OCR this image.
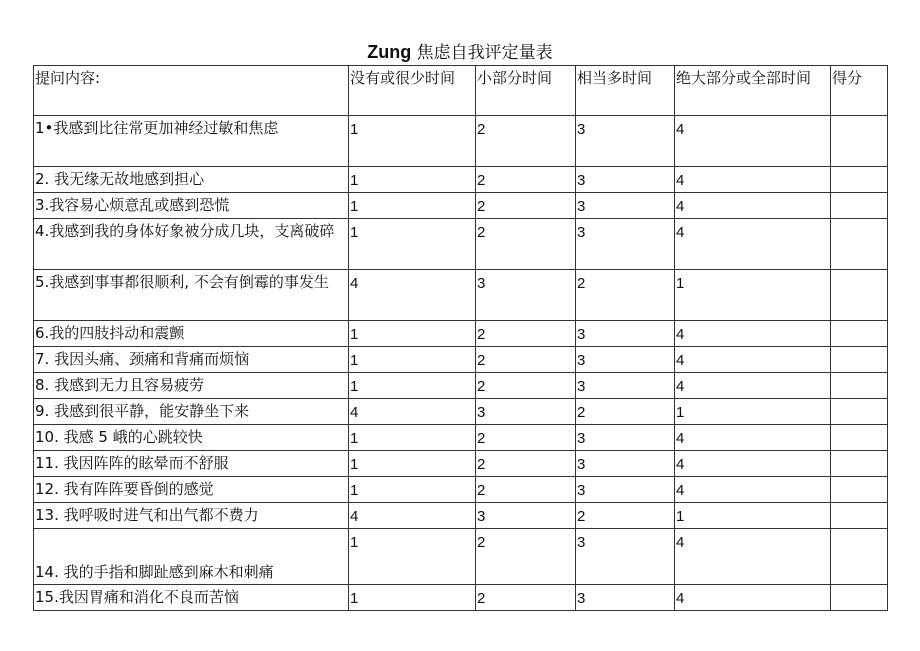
Zung 焦虑自我评定量表
提问内容:	没有或很少时间	小部分时间	相当多时间	绝大部分或全部时间	得分
1•我感到比往常更加神经过敏和焦虑	1	2	3	4	
2. 我无缘无故地感到担心	1	2	3	4	
3.我容易心烦意乱或感到恐慌	1	2	3	4	
4.我感到我的身体好象被分成几块，支离破碎	1	2	3	4	
5.我感到事事都很顺利, 不会有倒霉的事发生	4	3	2	1	
6.我的四肢抖动和震颤	1	2	3	4	
7. 我因头痛、颈痛和背痛而烦恼	1	2	3	4	
8. 我感到无力且容易疲劳	1	2	3	4	
9. 我感到很平静，能安静坐下来	4	3	2	1	
10. 我感 5 峨的心跳较快	1	2	3	4	
11. 我因阵阵的眩晕而不舒服	1	2	3	4	
12. 我有阵阵要昏倒的感觉	1	2	3	4	
13. 我呼吸时进气和出气都不费力	4	3	2	1	
14. 我的手指和脚趾感到麻木和刺痛	1	2	3	4	
15.我因胃痛和消化不良而苦恼	1	2	3	4	
